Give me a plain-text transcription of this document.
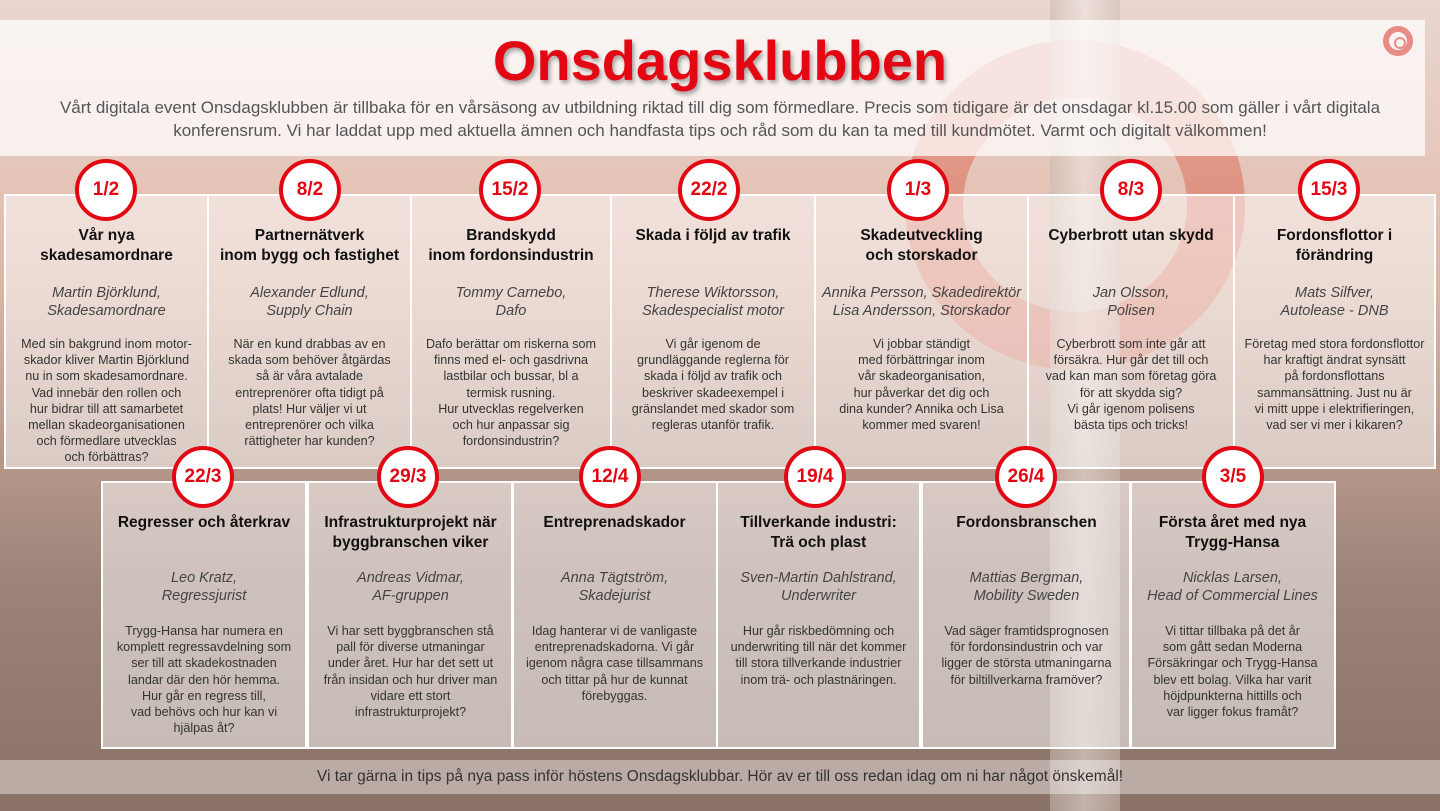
Onsdagsklubben
Vårt digitala event Onsdagsklubben är tillbaka för en vårsäsong av utbildning riktad till dig som förmedlare. Precis som tidigare är det onsdagar kl.15.00 som gäller i vårt digitala konferensrum. Vi har laddat upp med aktuella ämnen och handfasta tips och råd som du kan ta med till kundmötet. Varmt och digitalt välkommen!
Vår nya
skadesamordnare
Martin Björklund,
Skadesamordnare
Med sin bakgrund inom motor-
skador kliver Martin Björklund
nu in som skadesamordnare.
Vad innebär den rollen och
hur bidrar till att samarbetet
mellan skadeorganisationen
och förmedlare utvecklas
och förbättras?
Partnernätverk
inom bygg och fastighet
Alexander Edlund,
Supply Chain
När en kund drabbas av en
skada som behöver åtgärdas
så är våra avtalade
entreprenörer ofta tidigt på
plats! Hur väljer vi ut
entreprenörer och vilka
rättigheter har kunden?
Brandskydd
inom fordonsindustrin
Tommy Carnebo,
Dafo
Dafo berättar om riskerna som
finns med el- och gasdrivna
lastbilar och bussar, bl a
termisk rusning.
Hur utvecklas regelverken
och hur anpassar sig
fordonsindustrin?
Skada i följd av trafik
Therese Wiktorsson,
Skadespecialist motor
Vi går igenom de
grundläggande reglerna för
skada i följd av trafik och
beskriver skadeexempel i
gränslandet med skador som
regleras utanför trafik.
Skadeutveckling
och storskador
Annika Persson, Skadedirektör
Lisa Andersson, Storskador
Vi jobbar ständigt
med förbättringar inom
vår skadeorganisation,
hur påverkar det dig och
dina kunder? Annika och Lisa
kommer med svaren!
Cyberbrott utan skydd
Jan Olsson,
Polisen
Cyberbrott som inte går att
försäkra. Hur går det till och
vad kan man som företag göra
för att skydda sig?
Vi går igenom polisens
bästa tips och tricks!
Fordonsflottor i
förändring
Mats Silfver,
Autolease - DNB
Företag med stora fordonsflottor
har kraftigt ändrat synsätt
på fordonsflottans
sammansättning. Just nu är
vi mitt uppe i elektrifieringen,
vad ser vi mer i kikaren?
Regresser och återkrav
Leo Kratz,
Regressjurist
Trygg-Hansa har numera en
komplett regressavdelning som
ser till att skadekostnaden
landar där den hör hemma.
Hur går en regress till,
vad behövs och hur kan vi
hjälpas åt?
Infrastrukturprojekt när
byggbranschen viker
Andreas Vidmar,
AF-gruppen
Vi har sett byggbranschen stå
pall för diverse utmaningar
under året. Hur har det sett ut
från insidan och hur driver man
vidare ett stort
infrastrukturprojekt?
Entreprenadskador
Anna Tägtström,
Skadejurist
Idag hanterar vi de vanligaste
entreprenadskadorna. Vi går
igenom några case tillsammans
och tittar på hur de kunnat
förebyggas.
Tillverkande industri:
Trä och plast
Sven-Martin Dahlstrand,
Underwriter
Hur går riskbedömning och
underwriting till när det kommer
till stora tillverkande industrier
inom trä- och plastnäringen.
Fordonsbranschen
Mattias Bergman,
Mobility Sweden
Vad säger framtidsprognosen
för fordonsindustrin och var
ligger de största utmaningarna
för biltillverkarna framöver?
Första året med nya
Trygg-Hansa
Nicklas Larsen,
Head of Commercial Lines
Vi tittar tillbaka på det år
som gått sedan Moderna
Försäkringar och Trygg-Hansa
blev ett bolag. Vilka har varit
höjdpunkterna hittills och
var ligger fokus framåt?
1/2	8/2	15/2	22/2	1/3	8/3	15/3
22/3	29/3	12/4	19/4	26/4	3/5
Vi tar gärna in tips på nya pass inför höstens Onsdagsklubbar. Hör av er till oss redan idag om ni har något önskemål!
